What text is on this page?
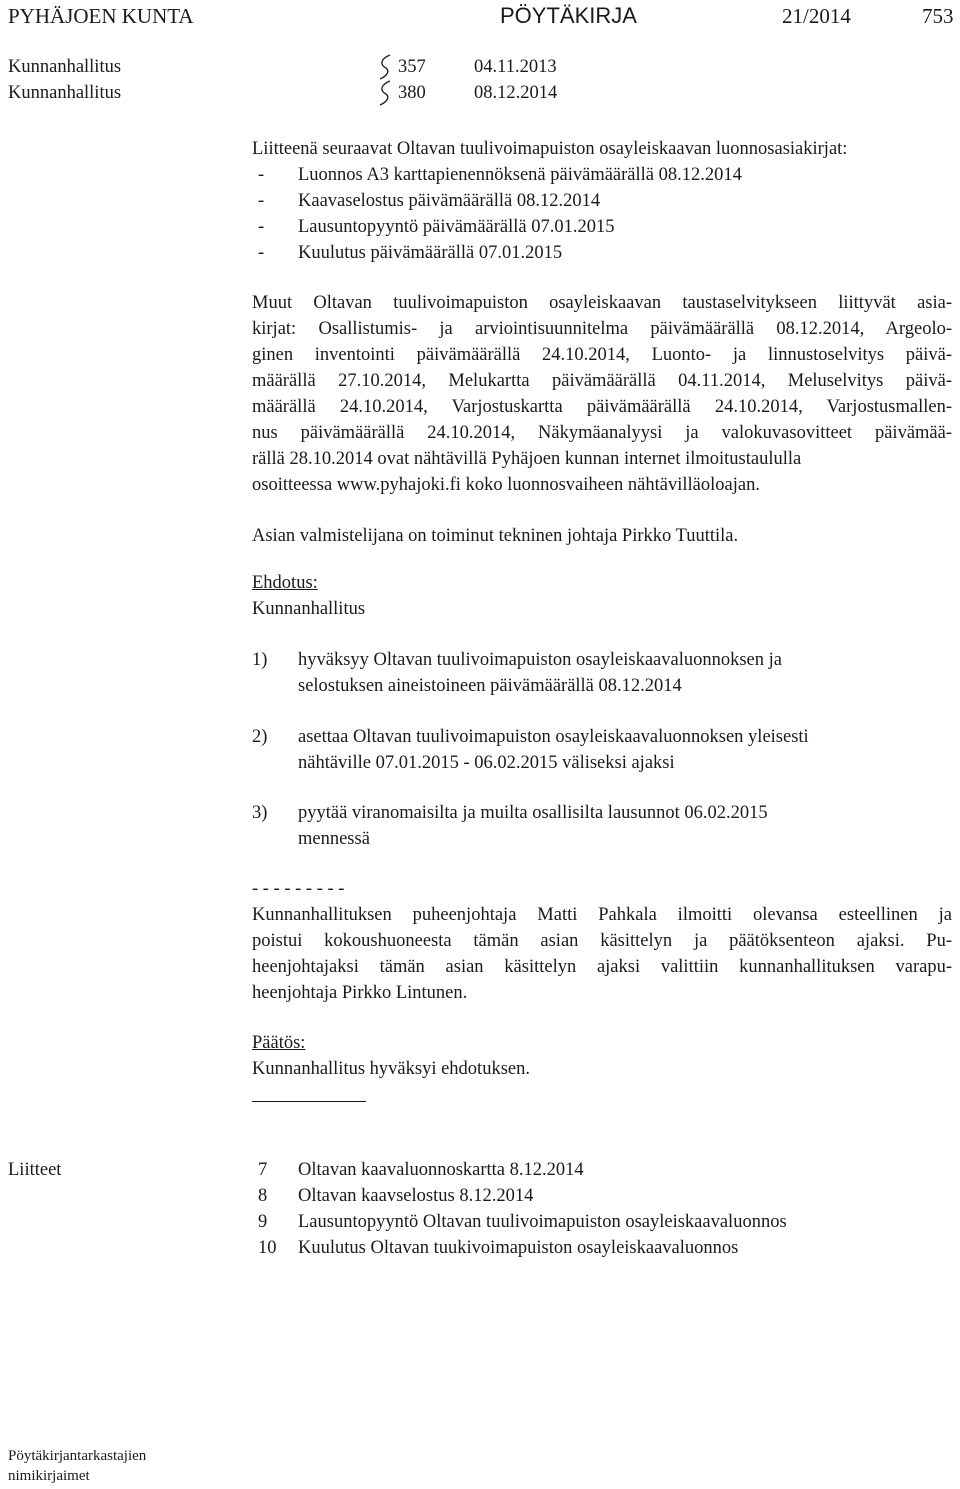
PYHÄJOEN KUNTA	PÖYTÄKIRJA	21/2014	753
Kunnanhallitus	357	04.11.2013
Kunnanhallitus	380	08.12.2014
Liitteenä seuraavat Oltavan tuulivoimapuiston osayleiskaavan luonnosasiakirjat:
-	Luonnos A3 karttapienennöksenä päivämäärällä 08.12.2014
-	Kaavaselostus päivämäärällä 08.12.2014
-	Lausuntopyyntö päivämäärällä 07.01.2015
-	Kuulutus päivämäärällä 07.01.2015
Muut Oltavan tuulivoimapuiston osayleiskaavan taustaselvitykseen liittyvät asia-
kirjat: Osallistumis- ja arviointisuunnitelma päivämäärällä 08.12.2014, Argeolo-
ginen inventointi päivämäärällä 24.10.2014, Luonto- ja linnustoselvitys päivä-
määrällä 27.10.2014, Melukartta päivämäärällä 04.11.2014, Meluselvitys päivä-
määrällä 24.10.2014, Varjostuskartta päivämäärällä 24.10.2014, Varjostusmallen-
nus päivämäärällä 24.10.2014, Näkymäanalyysi ja valokuvasovitteet päivämää-
rällä 28.10.2014 ovat nähtävillä Pyhäjoen kunnan internet ilmoitustaululla
osoitteessa www.pyhajoki.fi koko luonnosvaiheen nähtävilläoloajan.
Asian valmistelijana on toiminut tekninen johtaja Pirkko Tuuttila.
Ehdotus:
Kunnanhallitus
1)	hyväksyy Oltavan tuulivoimapuiston osayleiskaavaluonnoksen ja
selostuksen aineistoineen päivämäärällä 08.12.2014
2)	asettaa Oltavan tuulivoimapuiston osayleiskaavaluonnoksen yleisesti
nähtäville 07.01.2015 - 06.02.2015 väliseksi ajaksi
3)	pyytää viranomaisilta ja muilta osallisilta lausunnot 06.02.2015
mennessä
- - - - - - - - -
Kunnanhallituksen puheenjohtaja Matti Pahkala ilmoitti olevansa esteellinen ja
poistui kokoushuoneesta tämän asian käsittelyn ja päätöksenteon ajaksi. Pu-
heenjohtajaksi tämän asian käsittelyn ajaksi valittiin kunnanhallituksen varapu-
heenjohtaja Pirkko Lintunen.
Päätös:
Kunnanhallitus hyväksyi ehdotuksen.
Liitteet	7	Oltavan kaavaluonnoskartta 8.12.2014
8	Oltavan kaavselostus 8.12.2014
9	Lausuntopyyntö Oltavan tuulivoimapuiston osayleiskaavaluonnos
10	Kuulutus Oltavan tuukivoimapuiston osayleiskaavaluonnos
Pöytäkirjantarkastajien
nimikirjaimet
